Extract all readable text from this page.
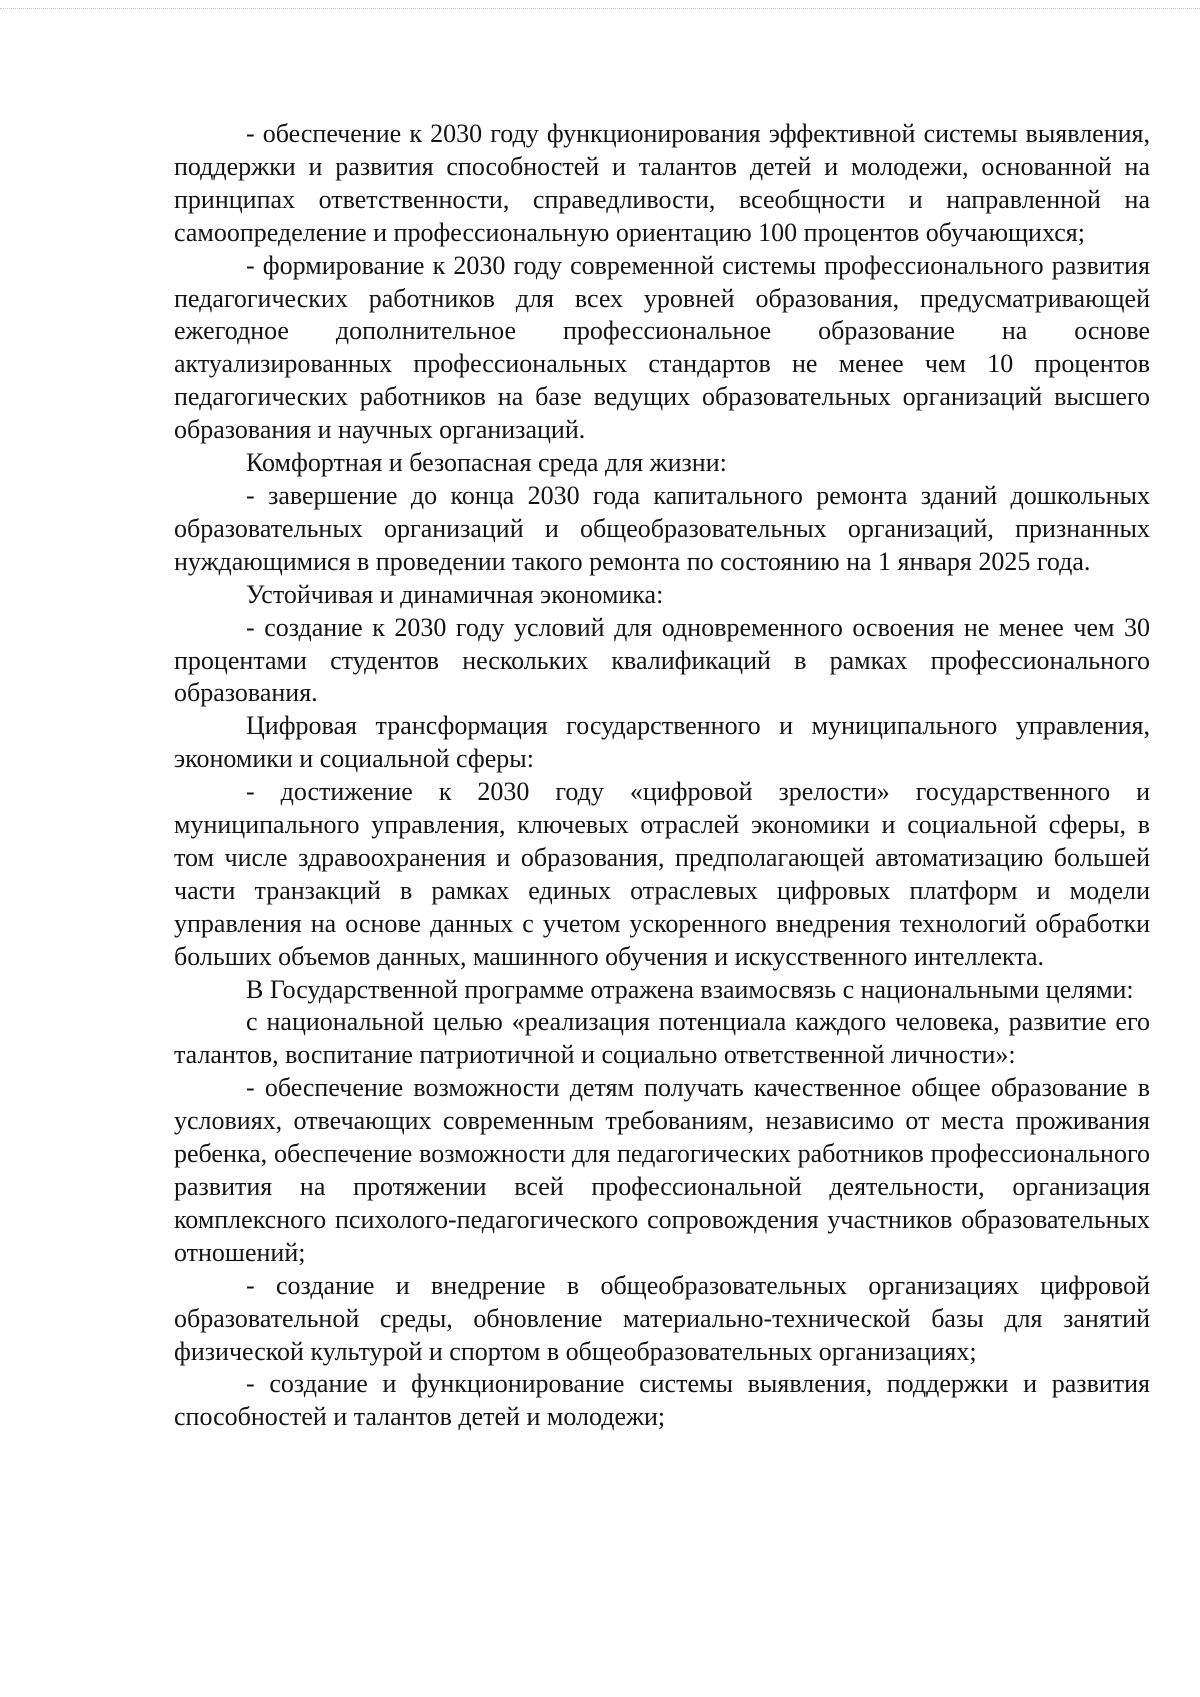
- обеспечение к 2030 году функционирования эффективной системы выявления, поддержки и развития способностей и талантов детей и молодежи, основанной на принципах ответственности, справедливости, всеобщности и направленной на самоопределение и профессиональную ориентацию 100 процентов обучающихся;

- формирование к 2030 году современной системы профессионального развития педагогических работников для всех уровней образования, предусматривающей ежегодное дополнительное профессиональное образование на основе актуализированных профессиональных стандартов не менее чем 10 процентов педагогических работников на базе ведущих образовательных организаций высшего образования и научных организаций.

Комфортная и безопасная среда для жизни:

- завершение до конца 2030 года капитального ремонта зданий дошкольных образовательных организаций и общеобразовательных организаций, признанных нуждающимися в проведении такого ремонта по состоянию на 1 января 2025 года.

Устойчивая и динамичная экономика:

- создание к 2030 году условий для одновременного освоения не менее чем 30 процентами студентов нескольких квалификаций в рамках профессионального образования.

Цифровая трансформация государственного и муниципального управления, экономики и социальной сферы:

- достижение к 2030 году «цифровой зрелости» государственного и муниципального управления, ключевых отраслей экономики и социальной сферы, в том числе здравоохранения и образования, предполагающей автоматизацию большей части транзакций в рамках единых отраслевых цифровых платформ и модели управления на основе данных с учетом ускоренного внедрения технологий обработки больших объемов данных, машинного обучения и искусственного интеллекта.

В Государственной программе отражена взаимосвязь с национальными целями:

с национальной целью «реализация потенциала каждого человека, развитие его талантов, воспитание патриотичной и социально ответственной личности»:

- обеспечение возможности детям получать качественное общее образование в условиях, отвечающих современным требованиям, независимо от места проживания ребенка, обеспечение возможности для педагогических работников профессионального развития на протяжении всей профессиональной деятельности, организация комплексного психолого-педагогического сопровождения участников образовательных отношений;

- создание и внедрение в общеобразовательных организациях цифровой образовательной среды, обновление материально-технической базы для занятий физической культурой и спортом в общеобразовательных организациях;

- создание и функционирование системы выявления, поддержки и развития способностей и талантов детей и молодежи;
